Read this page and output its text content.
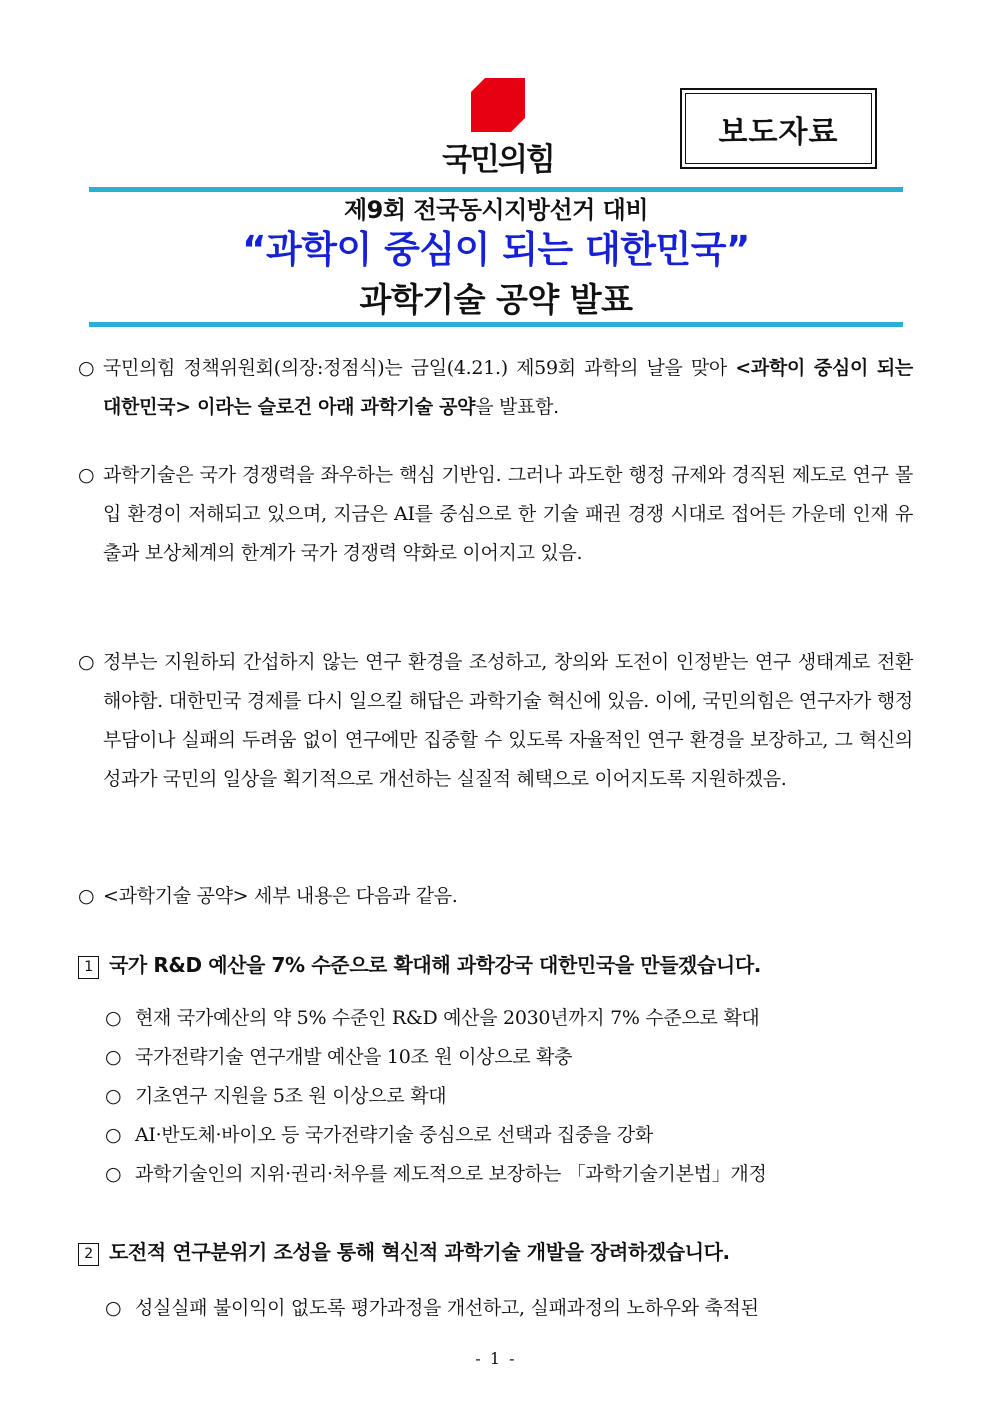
국민의힘
보도자료
제9회 전국동시지방선거 대비
“과학이 중심이 되는 대한민국”
과학기술 공약 발표
○ 국민의힘 정책위원회(의장:정점식)는 금일(4.21.) 제59회 과학의 날을 맞아 <과학이 중심이 되는 대한민국> 이라는 슬로건 아래 과학기술 공약을 발표함.
○ 과학기술은 국가 경쟁력을 좌우하는 핵심 기반임. 그러나 과도한 행정 규제와 경직된 제도로 연구 몰입 환경이 저해되고 있으며, 지금은 AI를 중심으로 한 기술 패권 경쟁 시대로 접어든 가운데 인재 유출과 보상체계의 한계가 국가 경쟁력 약화로 이어지고 있음.
○ 정부는 지원하되 간섭하지 않는 연구 환경을 조성하고, 창의와 도전이 인정받는 연구 생태계로 전환해야함. 대한민국 경제를 다시 일으킬 해답은 과학기술 혁신에 있음. 이에, 국민의힘은 연구자가 행정 부담이나 실패의 두려움 없이 연구에만 집중할 수 있도록 자율적인 연구 환경을 보장하고, 그 혁신의 성과가 국민의 일상을 획기적으로 개선하는 실질적 혜택으로 이어지도록 지원하겠음.
○ <과학기술 공약> 세부 내용은 다음과 같음.
1 국가 R&D 예산을 7% 수준으로 확대해 과학강국 대한민국을 만들겠습니다.
○ 현재 국가예산의 약 5% 수준인 R&D 예산을 2030년까지 7% 수준으로 확대
○ 국가전략기술 연구개발 예산을 10조 원 이상으로 확충
○ 기초연구 지원을 5조 원 이상으로 확대
○ AI·반도체·바이오 등 국가전략기술 중심으로 선택과 집중을 강화
○ 과학기술인의 지위·권리·처우를 제도적으로 보장하는 「과학기술기본법」개정
2 도전적 연구분위기 조성을 통해 혁신적 과학기술 개발을 장려하겠습니다.
○ 성실실패 불이익이 없도록 평가과정을 개선하고, 실패과정의 노하우와 축적된
- 1 -
